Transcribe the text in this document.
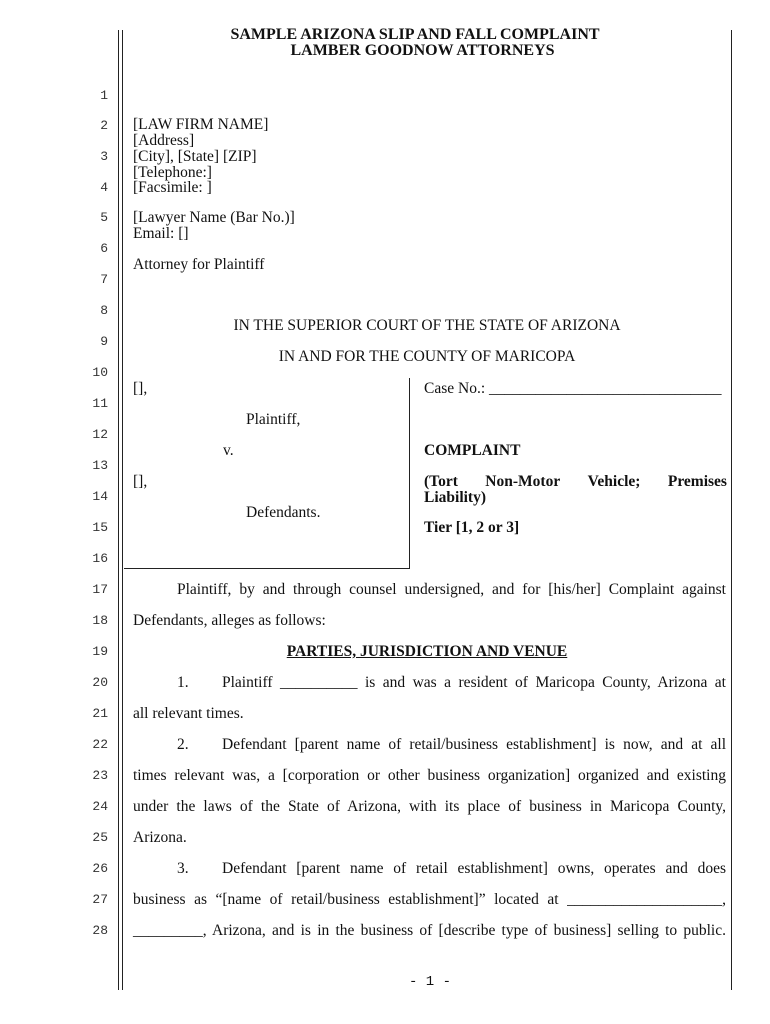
SAMPLE ARIZONA SLIP AND FALL COMPLAINT
LAMBER GOODNOW ATTORNEYS
1
2
3
4
5
6
7
8
9
10
11
12
13
14
15
16
17
18
19
20
21
22
23
24
25
26
27
28
[LAW FIRM NAME]
[Address]
[City], [State] [ZIP]
[Telephone:]
[Facsimile: ]
[Lawyer Name (Bar No.)]
Email: []
Attorney for Plaintiff
IN THE SUPERIOR COURT OF THE STATE OF ARIZONA
IN AND FOR THE COUNTY OF MARICOPA
[],
Plaintiff,
v.
[],
Defendants.
Case No.: ______________________________
COMPLAINT
(Tort Non-Motor Vehicle; Premises
Liability)
Tier [1, 2 or 3]
Plaintiff, by and through counsel undersigned, and for [his/her] Complaint against
Defendants, alleges as follows:
PARTIES, JURISDICTION AND VENUE
1. Plaintiff __________ is and was a resident of Maricopa County, Arizona at
all relevant times.
2. Defendant [parent name of retail/business establishment] is now, and at all
times relevant was, a [corporation or other business organization] organized and existing
under the laws of the State of Arizona, with its place of business in Maricopa County,
Arizona.
3. Defendant [parent name of retail establishment] owns, operates and does
business as “[name of retail/business establishment]” located at ____________________,
_________, Arizona, and is in the business of [describe type of business] selling to public.
- 1 -
